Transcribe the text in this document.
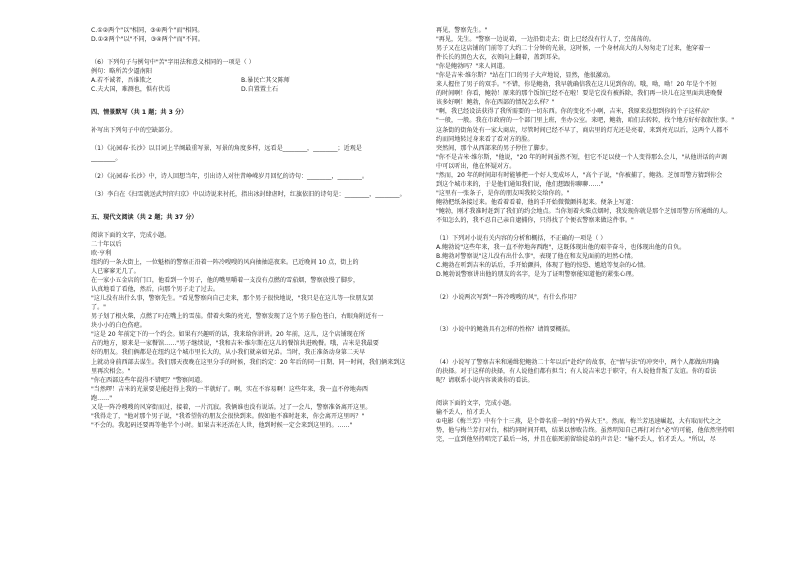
C.①②两个"以"相同，③④两个"而"相同。
D.①②两个"以"不同，③④两个"而"不同。
（6）下列句子与例句中"苦"字用法和意义相同的一项是（ ）
例句：略所苦少逼南阳
A.若不诚者，吾谁欺之	B.暴民亡其父陈师
C.夫大国，难测也，惧有伏焉	D.自置置土石
四、情景默写（共 1 题；共 3 分）
补写出下列句子中的空缺部分。
（1）《沁园春·长沙》以目词上半阕最重写景，写景的角度多样，远看是________，________；近观是
________。
（2）《沁园春·长沙》中，诗人回想当年，引出诗人对往昔峥嵘岁月回忆的诗句：________，________。
（3）李白在《扫雪就送武判官归京》中以诗说来衬托，指出冰封肆虐时，红旗依旧的诗句是：________，________。
五、现代文阅读（共 2 题；共 37 分）
阅读下面的文字，完成小题。
二十年以后
欧·亨利
纽约的一条大街上，一位魁梧的警察正沿着一阵冷嗖嗖的风向抽抽巡夜来。已近晚间 10 点，街上的
人已寥寥无几了。
在一家小五金店的门口，他看到一个男子，他的嘴里嚼着一支没有点燃的雪茄烟，警察放慢了脚步，
认真地看了看他，然后，向那个男子走了过去。
"这儿没有出什么事，警察先生。"看见警察向自己走来，那个男子很快地说，"我只是在这儿等一位朋友罢
了。"
男子划了根火柴，点燃了叼在嘴上的雪茄。借着火柴的亮光，警察发现了这个男子脸色苍白，右眼角附近有一
块小小的白色伤疤。
"这是 20 年前定下的一个约会。如果有兴趣听的话，我来给你讲讲。20 年前，这儿，这个店铺现在所
占的地方，原来是一家餐馆……"男子继续说，"我和吉米·维尔斯在这儿的餐馆共进晚餐。哦，吉米是我最要
好的朋友。我们俩都是在纽约这个城市里长大的，从小我们就亲如兄弟。当时，我正准备动身第二天早
上就动身前西部去谋生。我们那天夜晚在这里分手的时候，我们约定：20 年后的同一日期、同一时间，我们俩来到这
里再次相会。"
"你在西部这些年混得不错吧？"警察问道。
"当然啰！吉米的光景要是能赶得上我的一半就好了。啊，实在不容易啊！这些年来，我一直不停地奔西
跑……"
又是一阵冷嗖嗖的风穿街而过，接着，一片沉寂。我俩谁也没有说话。过了一会儿，警察准备离开这里。
"我得走了，"他对那个男子说，"我希望你的朋友会很快到来。假如他不准时赶来，你会离开这里吗？"
"不会的。我起码还要再等他半个小时。如果吉米还活在人世，他到时候一定会来到这里的。……"
再见，警察先生。"
"再见，先生。"警察一边说着，一边沿街走去；街上已经没有行人了，空荡荡的。
男子又在这店铺的门前等了大约二十分钟的光景，这时候，一个身材高大的人匆匆走了过来，他穿着一
件长长的黑色大衣，衣领向上翻着，盖到耳朵。
"你是鲍勃吗？"来人问道。
"你是吉米·维尔斯？"站在门口的男子大声地说，显然，他很激动。
来人握住了男子的双手。"不错，你是鲍勃，我早就确信我在这儿见到你的。哦，呦，呦！20 年是个不短
的时间啊！你看，鲍勃！原来的那个饭馆已经不在啦！要是它没有被拆除，我们再一块儿在这里面共进晚餐
该多好啊！鲍勃，你在西部的情况怎么样？"
"啊，我已经设法获得了我所需要的一切东西。你的变化不小啊，吉米，我原来没想到你的个子这样高"
"一般，一般。我在市政府的一个部门里上班，坐办公室。来吧，鲍勃，咱们去转转，找个地方好好叙叙往事。"
这条街的街角处有一家大商店，尽管时间已经不早了，商店里的灯光还是亮着，来到亮光以后，这两个人都不
约而同地转过身来看了看对方的脸。
突然间，那个从西部来的男子停住了脚步。
"你不是吉米·维尔斯，"他说，"20 年的时间虽然不短，但它不足以使一个人变得那么会儿，"从他讲话的声调
中可以听出，他在怀疑对方。
"然而，20 年的时间却有时能够把一个好人变成坏人，"高个子说，"你被捕了，鲍勃。芝加哥警方猜到你会
到这个城市来的，于是他们通知我们说，他们想跟你聊聊……"
"这里有一张条子，是你的朋友叫我转交给你的。"
鲍勃把纸条接过来。他看着看着，他的手开始微微颤抖起来。便条上写道：
"鲍勃，刚才我准时赶到了我们的约会地点。当你划着火柴点烟时，我发现你就是那个芝加哥警方所通缉的人。
不知怎么的，我不忍自己亲自逮捕你，只得找了个便衣警察来做这件事。"
（1）下列对小说有关内容的分析和概括，不正确的一项是（ ）
A.鲍勃说"这些年来，我一直不停地奔西跑"，这既体现出他的艰辛奋斗，也体现出他的自负。
B.鲍勃对警察说"这儿没有出什么事"，表现了他在和友见面前的坦然心情。
C.鲍勃在听到吉米的话后，手开始颤抖，体现了他的惊恐、尴尬等复杂的心情。
D.鲍勃说警察讲出他的朋友的名字，是为了证明警察能知道他的紧张心理。
（2）小说两次写到"一阵冷嗖嗖的风"，有什么作用？
（3）小说中的鲍勃具有怎样的性格？请简要概括。
（4）小说写了警察吉米和通缉犯鲍勃二十年以后"赴约"的故事，在"情与法"的冲突中，两个人都做出明确
的抉择。对于这样的抉择，有人说他们都有担当；有人说吉米忠于职守，有人说他背叛了友谊。你的看法
呢？请联系小说内容谈谈你的看法。
阅读下面的文字，完成小题。
输不丢人，怕才丢人
①电影《梅兰芳》中有个十三燕，是个曾名重一时的"伶界大王"。然而，梅兰芳迅速崛起，大有取而代之之
势，他与梅兰芳打对台，相约同时间开唱，结果以惨败告终。虽然明知自己再打对台"必"的可能，他依然坚持唱
完，一直到他坚持唱完了最后一场，并且在临死前留给徒弟的声音是："输不丢人，怕才丢人。"所以，尽
